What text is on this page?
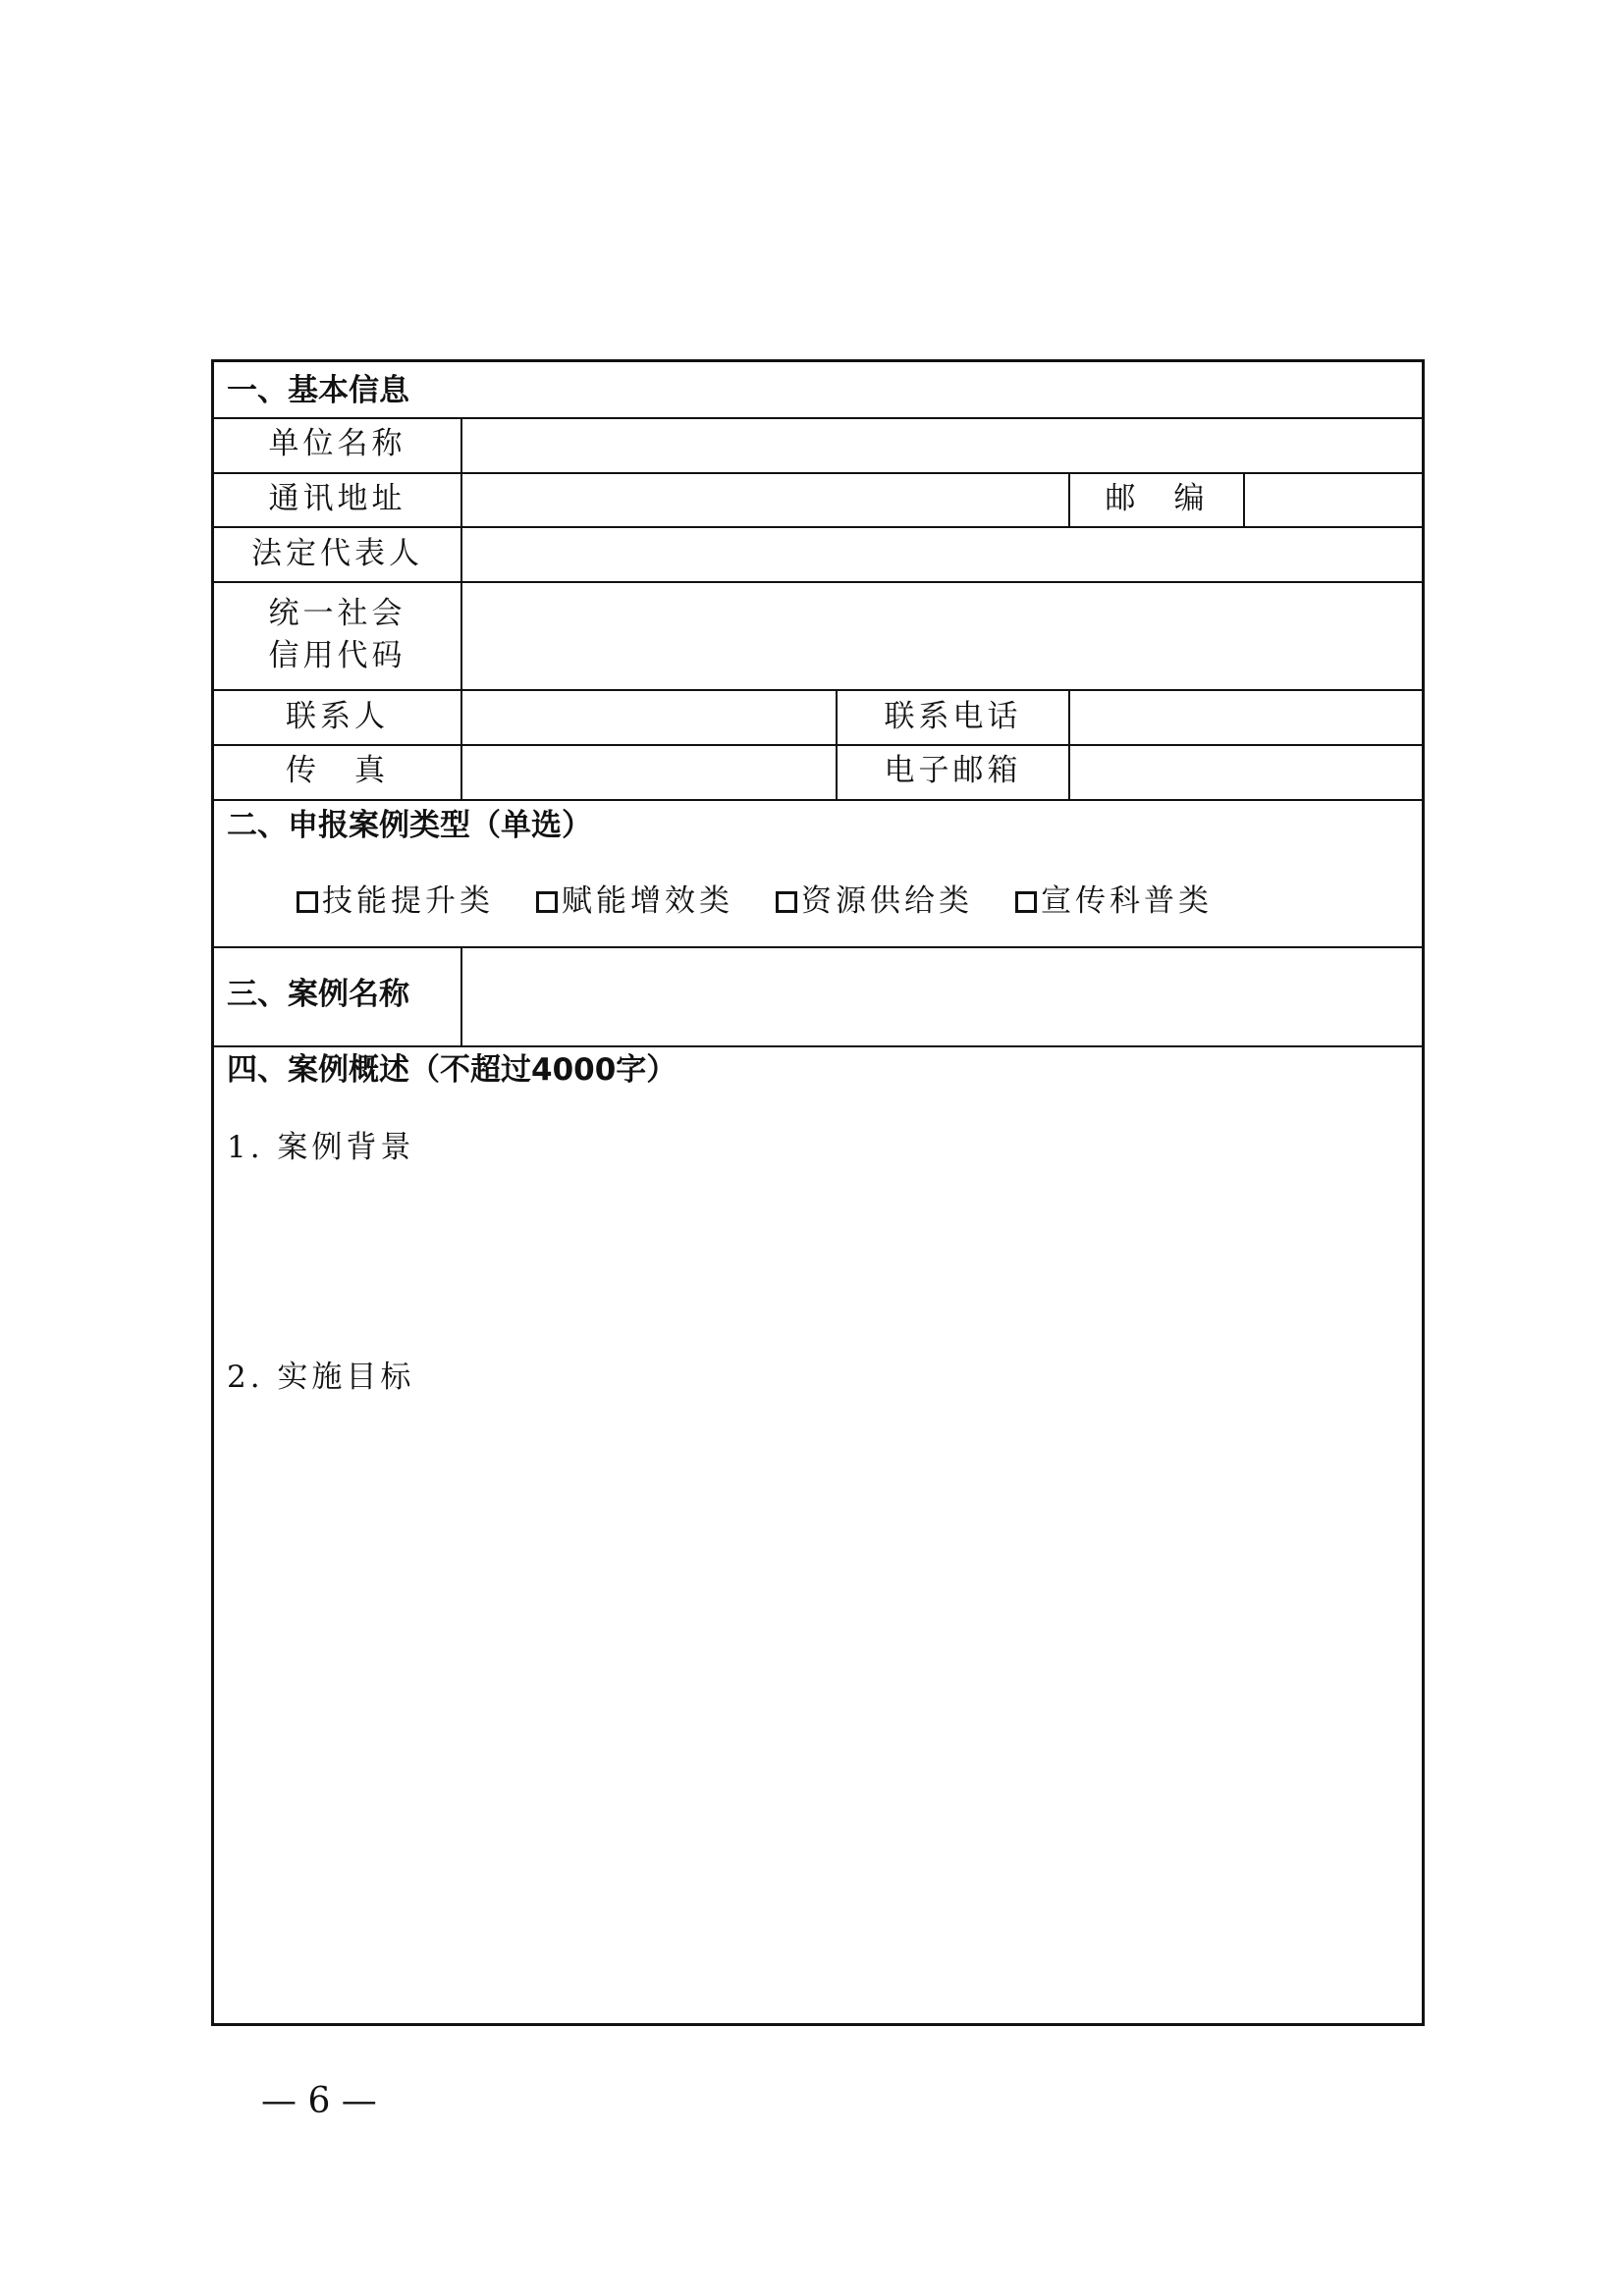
一、基本信息
单位名称
通讯地址	邮　编
法定代表人
统一社会
信用代码
联系人	联系电话
传　真	电子邮箱
二、申报案例类型（单选）
技能提升类 赋能增效类 资源供给类 宣传科普类
三、案例名称
四、案例概述（不超过4000字）
1. 案例背景
2. 实施目标
— 6 —
